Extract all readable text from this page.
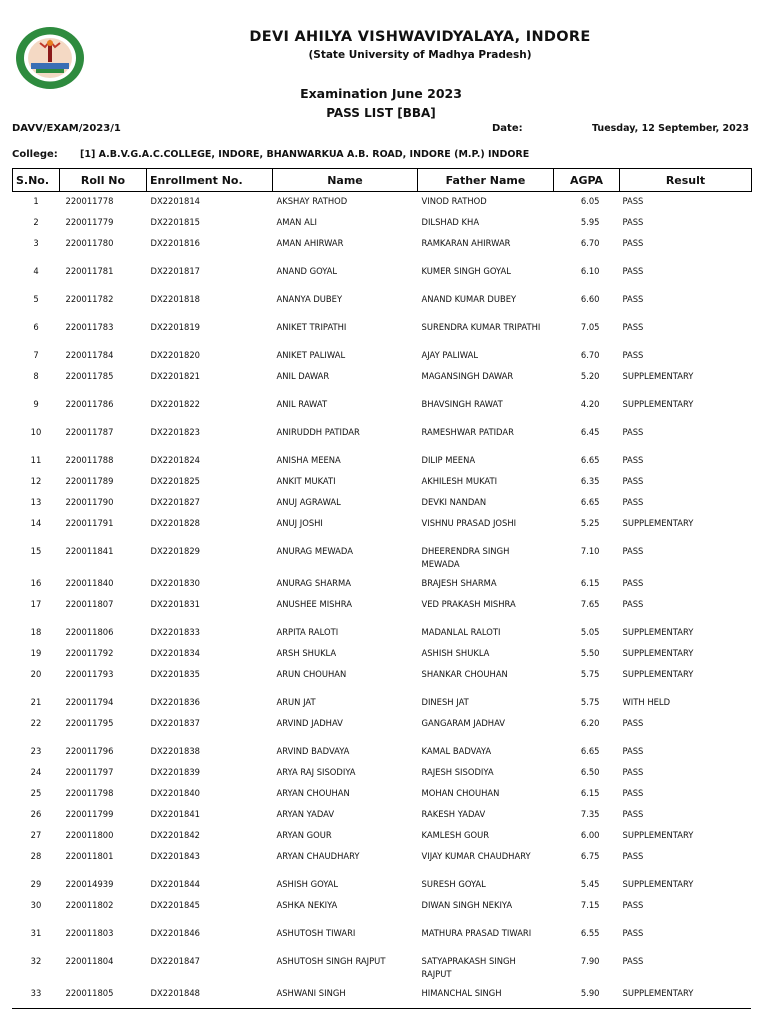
DEVI AHILYA VISHWAVIDYALAYA, INDORE
(State University of Madhya Pradesh)
Examination June 2023
PASS LIST [BBA]
DAVV/EXAM/2023/1	Date:	Tuesday, 12 September, 2023
College: [1] A.B.V.G.A.C.COLLEGE, INDORE, BHANWARKUA A.B. ROAD, INDORE (M.P.) INDORE
S.No.	Roll No	Enrollment No.	Name	Father Name	AGPA	Result
1	220011778	DX2201814	AKSHAY RATHOD	VINOD RATHOD	6.05	PASS
2	220011779	DX2201815	AMAN ALI	DILSHAD KHA	5.95	PASS
3	220011780	DX2201816	AMAN AHIRWAR	RAMKARAN AHIRWAR	6.70	PASS
4	220011781	DX2201817	ANAND GOYAL	KUMER SINGH GOYAL	6.10	PASS
5	220011782	DX2201818	ANANYA DUBEY	ANAND KUMAR DUBEY	6.60	PASS
6	220011783	DX2201819	ANIKET TRIPATHI	SURENDRA KUMAR TRIPATHI	7.05	PASS
7	220011784	DX2201820	ANIKET PALIWAL	AJAY PALIWAL	6.70	PASS
8	220011785	DX2201821	ANIL DAWAR	MAGANSINGH DAWAR	5.20	SUPPLEMENTARY
9	220011786	DX2201822	ANIL RAWAT	BHAVSINGH RAWAT	4.20	SUPPLEMENTARY
10	220011787	DX2201823	ANIRUDDH PATIDAR	RAMESHWAR PATIDAR	6.45	PASS
11	220011788	DX2201824	ANISHA MEENA	DILIP MEENA	6.65	PASS
12	220011789	DX2201825	ANKIT MUKATI	AKHILESH MUKATI	6.35	PASS
13	220011790	DX2201827	ANUJ AGRAWAL	DEVKI NANDAN	6.65	PASS
14	220011791	DX2201828	ANUJ JOSHI	VISHNU PRASAD JOSHI	5.25	SUPPLEMENTARY
15	220011841	DX2201829	ANURAG MEWADA	DHEERENDRA SINGH MEWADA	7.10	PASS
16	220011840	DX2201830	ANURAG SHARMA	BRAJESH SHARMA	6.15	PASS
17	220011807	DX2201831	ANUSHEE MISHRA	VED PRAKASH MISHRA	7.65	PASS
18	220011806	DX2201833	ARPITA RALOTI	MADANLAL RALOTI	5.05	SUPPLEMENTARY
19	220011792	DX2201834	ARSH SHUKLA	ASHISH SHUKLA	5.50	SUPPLEMENTARY
20	220011793	DX2201835	ARUN CHOUHAN	SHANKAR CHOUHAN	5.75	SUPPLEMENTARY
21	220011794	DX2201836	ARUN JAT	DINESH JAT	5.75	WITH HELD
22	220011795	DX2201837	ARVIND JADHAV	GANGARAM JADHAV	6.20	PASS
23	220011796	DX2201838	ARVIND BADVAYA	KAMAL BADVAYA	6.65	PASS
24	220011797	DX2201839	ARYA RAJ SISODIYA	RAJESH SISODIYA	6.50	PASS
25	220011798	DX2201840	ARYAN CHOUHAN	MOHAN CHOUHAN	6.15	PASS
26	220011799	DX2201841	ARYAN YADAV	RAKESH YADAV	7.35	PASS
27	220011800	DX2201842	ARYAN GOUR	KAMLESH GOUR	6.00	SUPPLEMENTARY
28	220011801	DX2201843	ARYAN CHAUDHARY	VIJAY KUMAR CHAUDHARY	6.75	PASS
29	220014939	DX2201844	ASHISH GOYAL	SURESH GOYAL	5.45	SUPPLEMENTARY
30	220011802	DX2201845	ASHKA NEKIYA	DIWAN SINGH NEKIYA	7.15	PASS
31	220011803	DX2201846	ASHUTOSH TIWARI	MATHURA PRASAD TIWARI	6.55	PASS
32	220011804	DX2201847	ASHUTOSH SINGH RAJPUT	SATYAPRAKASH SINGH RAJPUT	7.90	PASS
33	220011805	DX2201848	ASHWANI SINGH	HIMANCHAL SINGH	5.90	SUPPLEMENTARY
